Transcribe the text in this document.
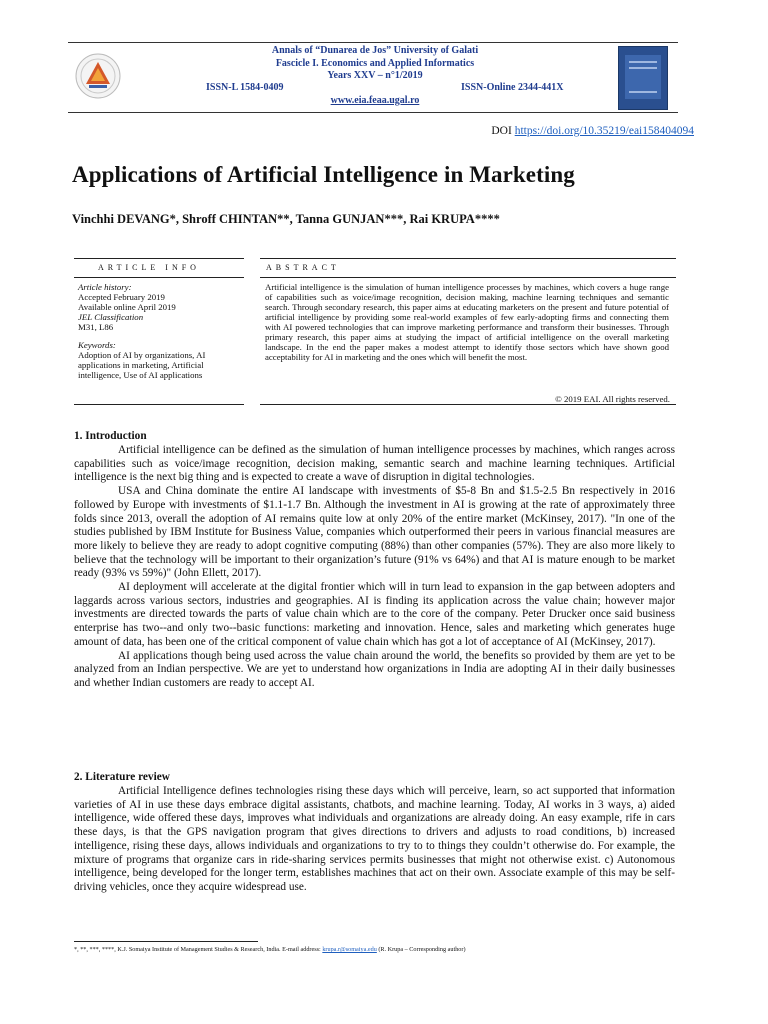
Annals of “Dunarea de Jos” University of Galati
Fascicle I. Economics and Applied Informatics
Years XXV – n°1/2019
ISSN-L 1584-0409	ISSN-Online 2344-441X
www.eia.feaa.ugal.ro
DOI https://doi.org/10.35219/eai158404094
Applications of Artificial Intelligence in Marketing
Vinchhi DEVANG*, Shroff CHINTAN**, Tanna GUNJAN***, Rai KRUPA****
ARTICLE INFO
Article history:
Accepted February 2019
Available online April 2019
JEL Classification
M31, L86
Keywords:
Adoption of AI by organizations, AI applications in marketing, Artificial intelligence, Use of AI applications
ABSTRACT
Artificial intelligence is the simulation of human intelligence processes by machines, which covers a huge range of capabilities such as voice/image recognition, decision making, machine learning techniques and semantic search. Through secondary research, this paper aims at educating marketers on the present and future potential of artificial intelligence by providing some real-world examples of few early-adopting firms and connecting them with AI powered technologies that can improve marketing performance and transform their businesses. Through primary research, this paper aims at studying the impact of artificial intelligence on the overall marketing landscape. In the end the paper makes a modest attempt to identify those sectors which have shown good acceptability for AI in marketing and the ones which will benefit the most.
© 2019 EAI. All rights reserved.
1. Introduction

Artificial intelligence can be defined as the simulation of human intelligence processes by machines, which ranges across capabilities such as voice/image recognition, decision making, semantic search and machine learning techniques. Artificial intelligence is the next big thing and is expected to create a wave of disruption in digital technologies.

USA and China dominate the entire AI landscape with investments of $5-8 Bn and $1.5-2.5 Bn respectively in 2016 followed by Europe with investments of $1.1-1.7 Bn. Although the investment in AI is growing at the rate of approximately three folds since 2013, overall the adoption of AI remains quite low at only 20% of the entire market (McKinsey, 2017). "In one of the studies published by IBM Institute for Business Value, companies which outperformed their peers in various financial measures are more likely to believe they are ready to adopt cognitive computing (88%) than other companies (57%). They are also more likely to believe that the technology will be important to their organization’s future (91% vs 64%) and that AI is mature enough to be market ready (93% vs 59%)" (John Ellett, 2017).

AI deployment will accelerate at the digital frontier which will in turn lead to expansion in the gap between adopters and laggards across various sectors, industries and geographies. AI is finding its application across the value chain; however major investments are directed towards the parts of value chain which are to the core of the company. Peter Drucker once said business enterprise has two--and only two--basic functions: marketing and innovation. Hence, sales and marketing which generates huge amount of data, has been one of the critical component of value chain which has got a lot of acceptance of AI (McKinsey, 2017).

AI applications though being used across the value chain around the world, the benefits so provided by them are yet to be analyzed from an Indian perspective. We are yet to understand how organizations in India are adopting AI in their daily businesses and whether Indian customers are ready to accept AI.

2. Literature review

Artificial Intelligence defines technologies rising these days which will perceive, learn, so act supported that information varieties of AI in use these days embrace digital assistants, chatbots, and machine learning. Today, AI works in 3 ways, a) aided intelligence, wide offered these days, improves what individuals and organizations are already doing. An easy example, rife in cars these days, is that the GPS navigation program that gives directions to drivers and adjusts to road conditions, b) increased intelligence, rising these days, allows individuals and organizations to try to to things they couldn’t otherwise do. For example, the mixture of programs that organize cars in ride-sharing services permits businesses that might not otherwise exist. c) Autonomous intelligence, being developed for the longer term, establishes machines that act on their own. Associate example of this may be self-driving vehicles, once they acquire widespread use.

*, **, ***, ****, K.J. Somaiya Institute of Management Studies & Research, India. E-mail address: krupa.r@somaiya.edu (R. Krupa – Corresponding author)
